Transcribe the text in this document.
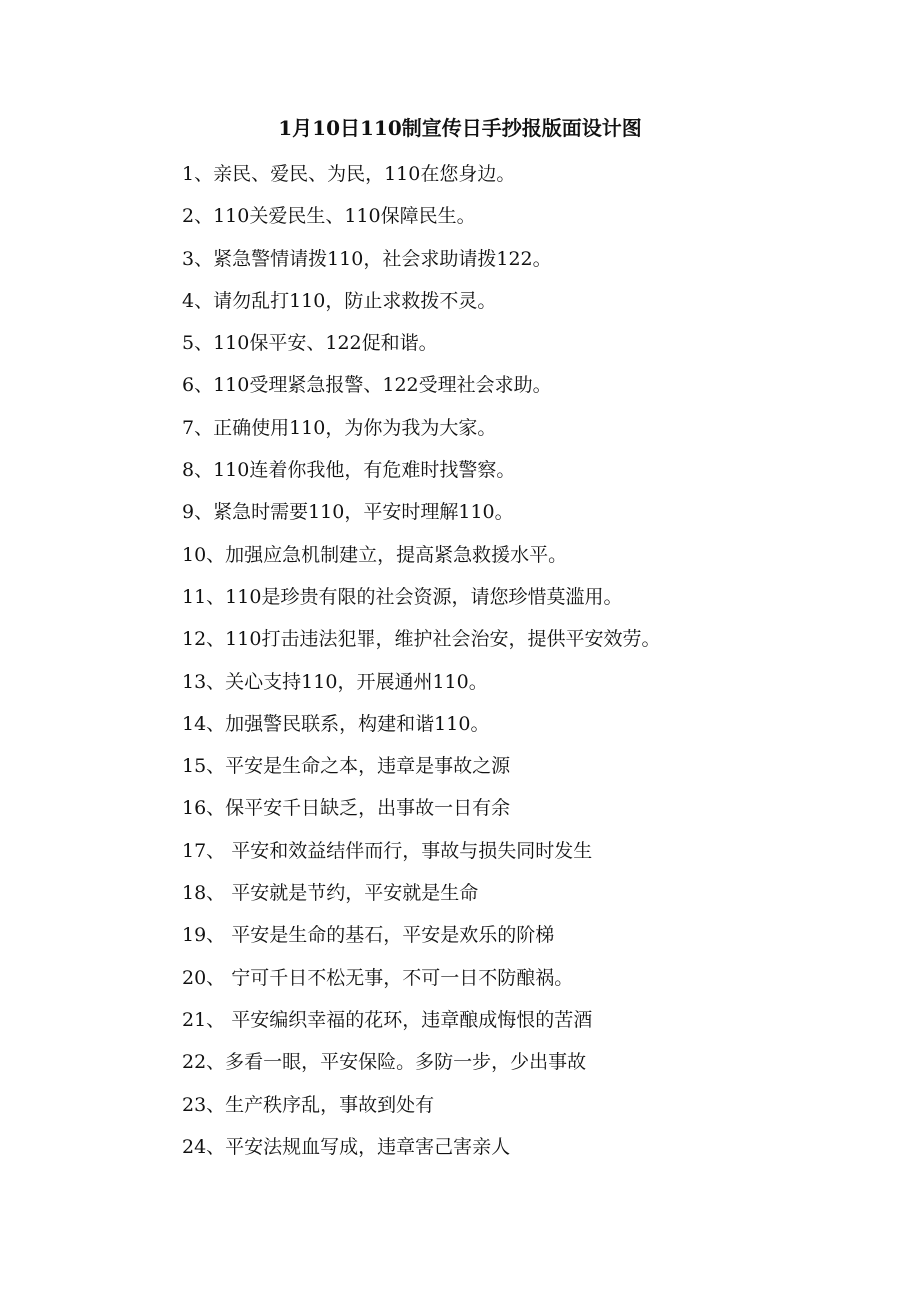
1月10日110制宣传日手抄报版面设计图
1、亲民、爱民、为民，110在您身边。
2、110关爱民生、110保障民生。
3、紧急警情请拨110，社会求助请拨122。
4、请勿乱打110，防止求救拨不灵。
5、110保平安、122促和谐。
6、110受理紧急报警、122受理社会求助。
7、正确使用110，为你为我为大家。
8、110连着你我他，有危难时找警察。
9、紧急时需要110，平安时理解110。
10、加强应急机制建立，提高紧急救援水平。
11、110是珍贵有限的社会资源，请您珍惜莫滥用。
12、110打击违法犯罪，维护社会治安，提供平安效劳。
13、关心支持110，开展通州110。
14、加强警民联系，构建和谐110。
15、平安是生命之本，违章是事故之源
16、保平安千日缺乏，出事故一日有余
17、 平安和效益结伴而行，事故与损失同时发生
18、 平安就是节约，平安就是生命
19、 平安是生命的基石，平安是欢乐的阶梯
20、 宁可千日不松无事，不可一日不防酿祸。
21、 平安编织幸福的花环，违章酿成悔恨的苦酒
22、多看一眼，平安保险。多防一步，少出事故
23、生产秩序乱，事故到处有
24、平安法规血写成，违章害己害亲人
